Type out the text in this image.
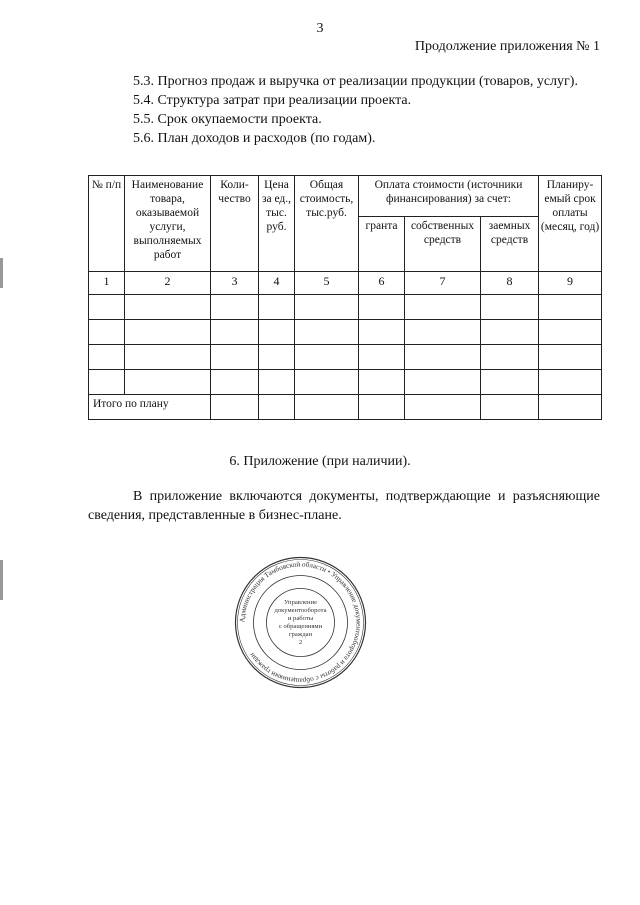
3
Продолжение приложения № 1

5.3. Прогноз продаж и выручка от реализации продукции (товаров, услуг).

5.4. Структура затрат при реализации проекта.

5.5. Срок окупаемости проекта.

5.6. План доходов и расходов (по годам).

№ п/п	Наименование товара, оказываемой услуги, выполняемых работ	Коли- чество	Цена за ед., тыс. руб.	Общая стоимость, тыс.руб.	Оплата стоимости (источники финансирования) за счет:			Планиру- емый срок оплаты (месяц, год)
					гранта	собственных средств	заемных средств	
1	2	3	4	5	6	7	8	9

Итого по плану								
6. Приложение (при наличии).

В приложение включаются документы, подтверждающие и разъясняющие сведения, представленные в бизнес-плане.

Администрация Тамбовской области • Управление документооборота и работы с обращениями граждан
Управление
документооборота
и работы
с обращениями
граждан
2
